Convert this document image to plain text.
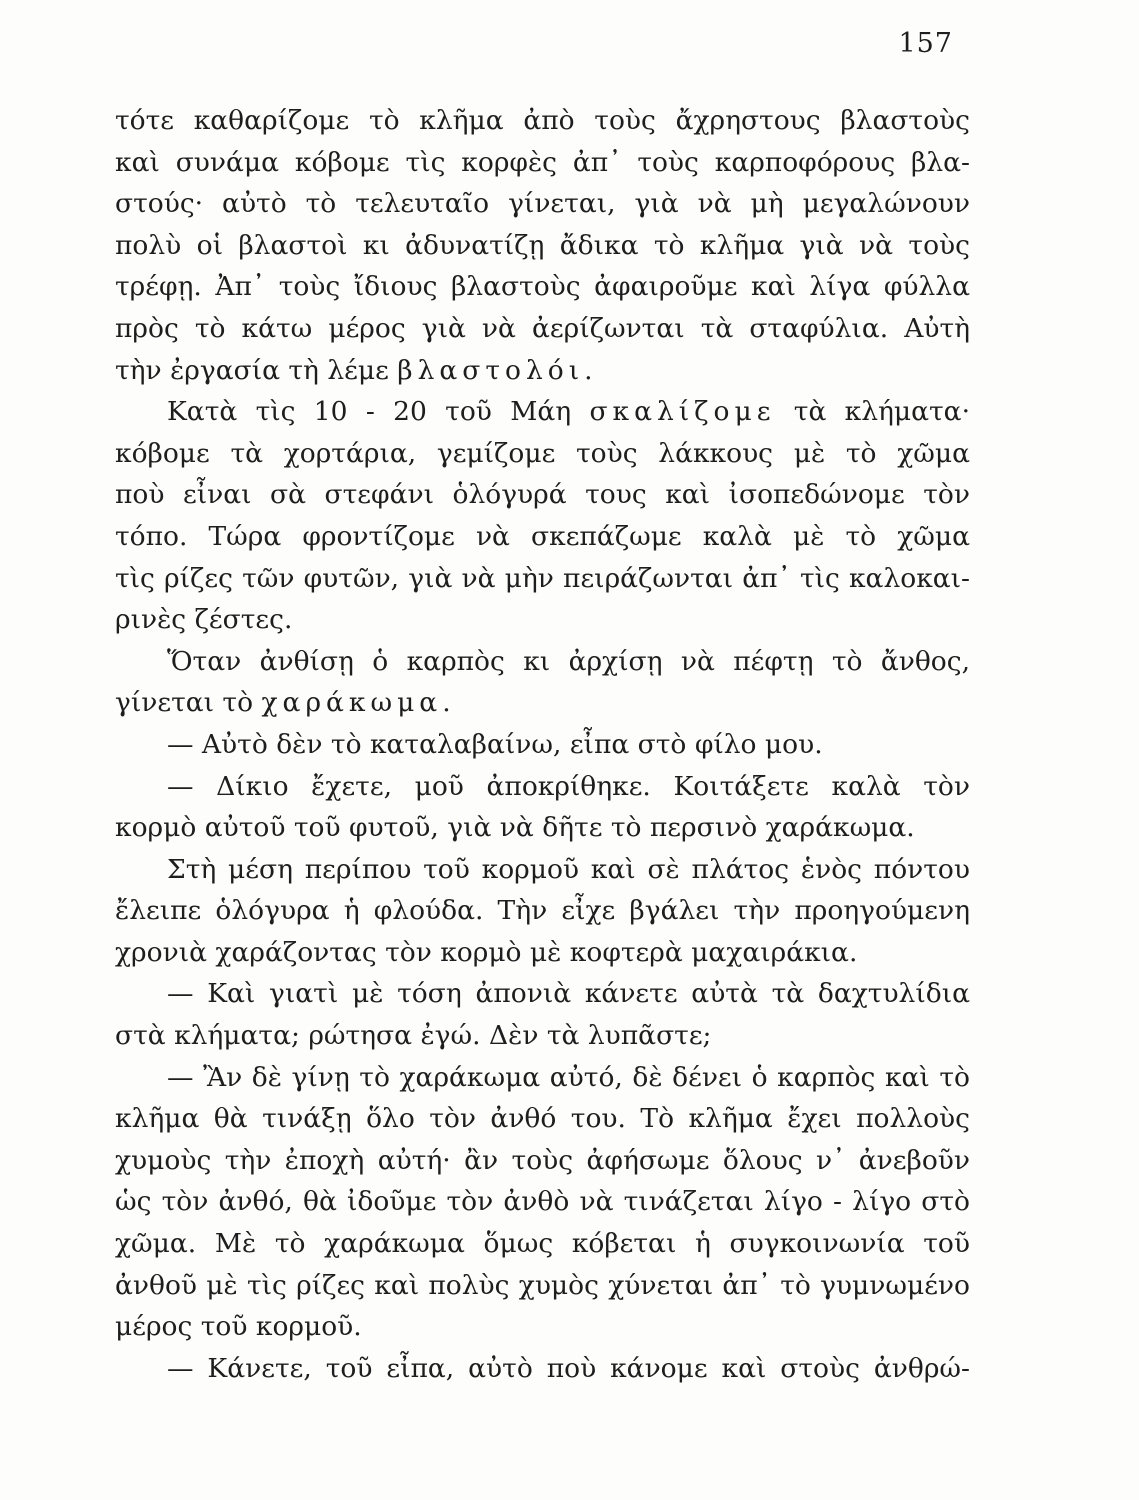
157
τότε καθαρίζομε τὸ κλῆμα ἀπὸ τοὺς ἄχρηστους βλαστοὺς
καὶ συνάμα κόβομε τὶς κορφὲς ἀπ᾽ τοὺς καρποφόρους βλα-
στούς· αὐτὸ τὸ τελευταῖο γίνεται, γιὰ νὰ μὴ μεγαλώνουν
πολὺ οἱ βλαστοὶ κι ἀδυνατίζῃ ἄδικα τὸ κλῆμα γιὰ νὰ τοὺς
τρέφῃ. Ἀπ᾽ τοὺς ἴδιους βλαστοὺς ἀφαιροῦμε καὶ λίγα φύλλα
πρὸς τὸ κάτω μέρος γιὰ νὰ ἀερίζωνται τὰ σταφύλια. Αὐτὴ
τὴν ἐργασία τὴ λέμε βλαστολόι.
Κατὰ τὶς 10 - 20 τοῦ Μάη σκαλίζομε τὰ κλήματα·
κόβομε τὰ χορτάρια, γεμίζομε τοὺς λάκκους μὲ τὸ χῶμα
ποὺ εἶναι σὰ στεφάνι ὁλόγυρά τους καὶ ἰσοπεδώνομε τὸν
τόπο. Τώρα φροντίζομε νὰ σκεπάζωμε καλὰ μὲ τὸ χῶμα
τὶς ρίζες τῶν φυτῶν, γιὰ νὰ μὴν πειράζωνται ἀπ᾽ τὶς καλοκαι-
ρινὲς ζέστες.
Ὅταν ἀνθίσῃ ὁ καρπὸς κι ἀρχίσῃ νὰ πέφτῃ τὸ ἄνθος,
γίνεται τὸ χαράκωμα.
— Αὐτὸ δὲν τὸ καταλαβαίνω, εἶπα στὸ φίλο μου.
— Δίκιο ἔχετε, μοῦ ἀποκρίθηκε. Κοιτάξετε καλὰ τὸν
κορμὸ αὐτοῦ τοῦ φυτοῦ, γιὰ νὰ δῆτε τὸ περσινὸ χαράκωμα.
Στὴ μέση περίπου τοῦ κορμοῦ καὶ σὲ πλάτος ἑνὸς πόντου
ἔλειπε ὁλόγυρα ἡ φλούδα. Τὴν εἶχε βγάλει τὴν προηγούμενη
χρονιὰ χαράζοντας τὸν κορμὸ μὲ κοφτερὰ μαχαιράκια.
— Καὶ γιατὶ μὲ τόση ἀπονιὰ κάνετε αὐτὰ τὰ δαχτυλίδια
στὰ κλήματα; ρώτησα ἐγώ. Δὲν τὰ λυπᾶστε;
— Ἂν δὲ γίνῃ τὸ χαράκωμα αὐτό, δὲ δένει ὁ καρπὸς καὶ τὸ
κλῆμα θὰ τινάξῃ ὅλο τὸν ἀνθό του. Τὸ κλῆμα ἔχει πολλοὺς
χυμοὺς τὴν ἐποχὴ αὐτή· ἂν τοὺς ἀφήσωμε ὅλους ν᾽ ἀνεβοῦν
ὡς τὸν ἀνθό, θὰ ἰδοῦμε τὸν ἀνθὸ νὰ τινάζεται λίγο - λίγο στὸ
χῶμα. Μὲ τὸ χαράκωμα ὅμως κόβεται ἡ συγκοινωνία τοῦ
ἀνθοῦ μὲ τὶς ρίζες καὶ πολὺς χυμὸς χύνεται ἀπ᾽ τὸ γυμνωμένο
μέρος τοῦ κορμοῦ.
— Κάνετε, τοῦ εἶπα, αὐτὸ ποὺ κάνομε καὶ στοὺς ἀνθρώ-
